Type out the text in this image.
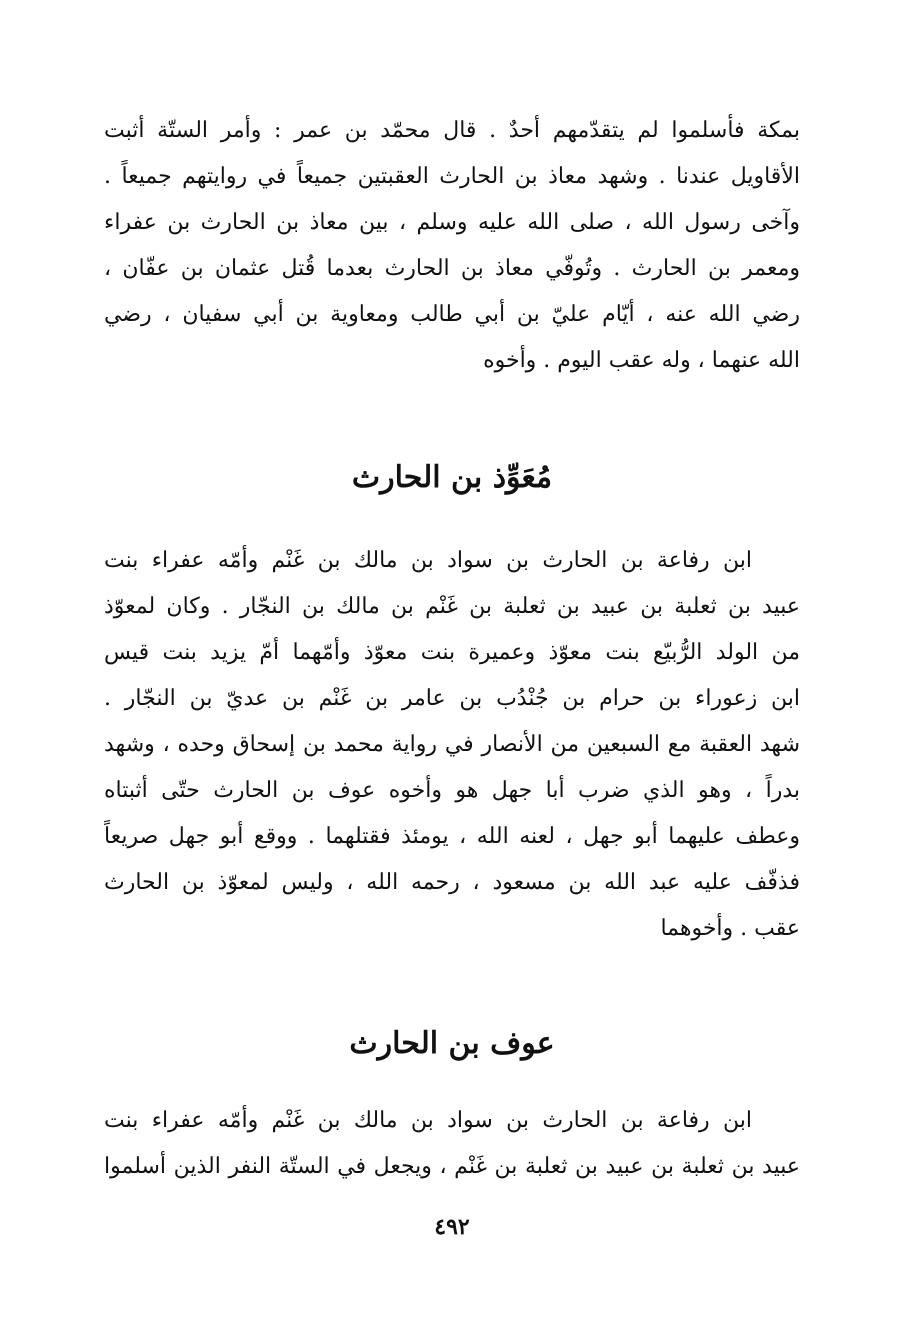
بمكة فأسلموا لم يتقدّمهم أحدٌ . قال محمّد بن عمر : وأمر الستّة أثبت
الأقاويل عندنا . وشهد معاذ بن الحارث العقبتين جميعاً في روايتهم جميعاً .
وآخى رسول الله ، صلى الله عليه وسلم ، بين معاذ بن الحارث بن عفراء
ومعمر بن الحارث . وتُوفّي معاذ بن الحارث بعدما قُتل عثمان بن عفّان ،
رضي الله عنه ، أيّام عليّ بن أبي طالب ومعاوية بن أبي سفيان ، رضي
الله عنهما ، وله عقب اليوم . وأخوه
مُعَوِّذ بن الحارث
ابن رفاعة بن الحارث بن سواد بن مالك بن غَنْم وأمّه عفراء بنت
عبيد بن ثعلبة بن عبيد بن ثعلبة بن غَنْم بن مالك بن النجّار . وكان لمعوّذ
من الولد الرُّبيّع بنت معوّذ وعميرة بنت معوّذ وأمّهما أمّ يزيد بنت قيس
ابن زعوراء بن حرام بن جُنْدُب بن عامر بن غَنْم بن عديّ بن النجّار .
شهد العقبة مع السبعين من الأنصار في رواية محمد بن إسحاق وحده ، وشهد
بدراً ، وهو الذي ضرب أبا جهل هو وأخوه عوف بن الحارث حتّى أثبتاه
وعطف عليهما أبو جهل ، لعنه الله ، يومئذ فقتلهما . ووقع أبو جهل صريعاً
فذفّف عليه عبد الله بن مسعود ، رحمه الله ، وليس لمعوّذ بن الحارث
عقب . وأخوهما
عوف بن الحارث
ابن رفاعة بن الحارث بن سواد بن مالك بن غَنْم وأمّه عفراء بنت
عبيد بن ثعلبة بن عبيد بن ثعلبة بن غَنْم ، ويجعل في الستّة النفر الذين أسلموا
٤٩٢
